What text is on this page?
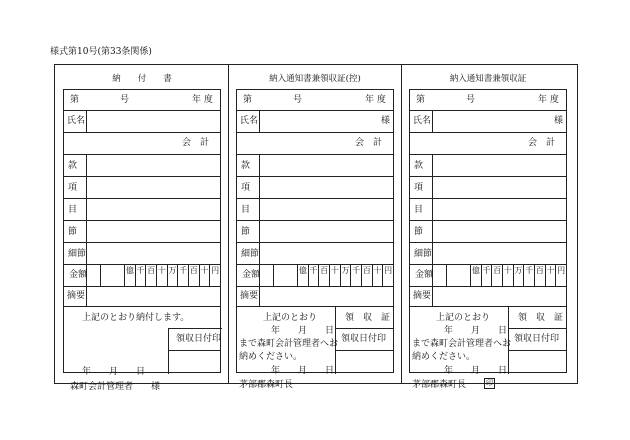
様式第10号(第33条関係)
納　　付　　書
第	号	年 度
氏名
会　計
款
項
目
節
細節
金額	億 千 百 十 万 千 百 十 円
摘要
上記のとおり納付します。
領収日付印
年　　月　　日
森町会計管理者　　様
納入通知書兼領収証(控)
第	号	年 度
氏名	様
会　計
款
項
目
節
細節
金額	億 千 百 十 万 千 百 十 円
摘要
領　収　証
領収日付印
上記のとおり
年　　月　　日
まで森町会計管理者へお
納めください。
年　　月　　日
茅部郡森町長
納入通知書兼領収証
第	号	年 度
氏名	様
会　計
款
項
目
節
細節
金額	億 千 百 十 万 千 百 十 円
摘要
領　収　証
領収日付印
上記のとおり
年　　月　　日
まで森町会計管理者へお
納めください。
年　　月　　日
茅部郡森町長	印
